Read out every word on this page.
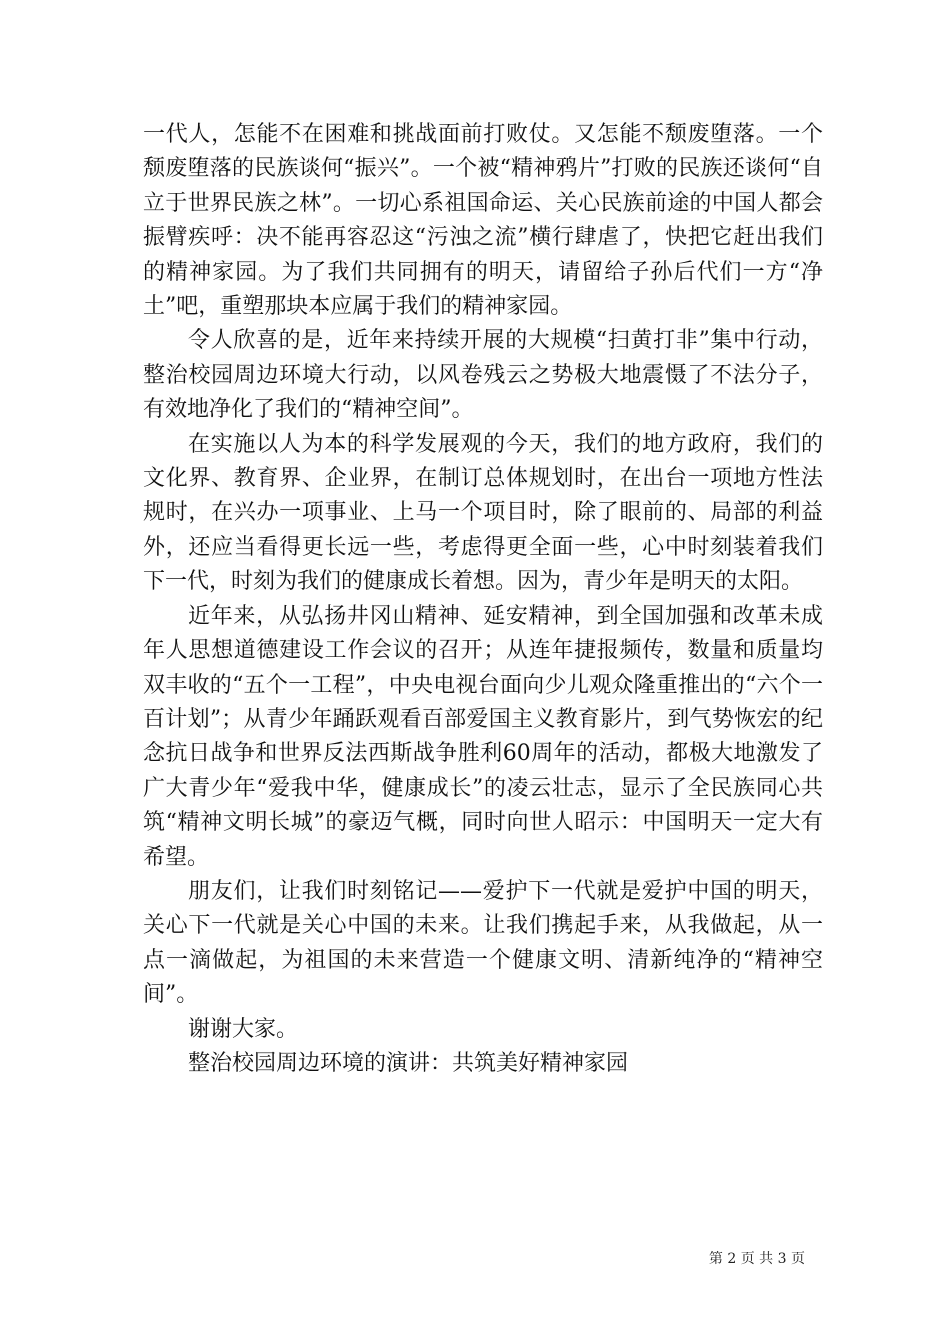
一代人，怎能不在困难和挑战面前打败仗。又怎能不颓废堕落。一个颓废堕落的民族谈何“振兴”。一个被“精神鸦片”打败的民族还谈何“自立于世界民族之林”。一切心系祖国命运、关心民族前途的中国人都会振臂疾呼：决不能再容忍这“污浊之流”横行肆虐了，快把它赶出我们的精神家园。为了我们共同拥有的明天，请留给子孙后代们一方“净土”吧，重塑那块本应属于我们的精神家园。

令人欣喜的是，近年来持续开展的大规模“扫黄打非”集中行动，整治校园周边环境大行动，以风卷残云之势极大地震慑了不法分子，有效地净化了我们的“精神空间”。

在实施以人为本的科学发展观的今天，我们的地方政府，我们的文化界、教育界、企业界，在制订总体规划时，在出台一项地方性法规时，在兴办一项事业、上马一个项目时，除了眼前的、局部的利益外，还应当看得更长远一些，考虑得更全面一些，心中时刻装着我们下一代，时刻为我们的健康成长着想。因为，青少年是明天的太阳。

近年来，从弘扬井冈山精神、延安精神，到全国加强和改革未成年人思想道德建设工作会议的召开；从连年捷报频传，数量和质量均双丰收的“五个一工程”，中央电视台面向少儿观众隆重推出的“六个一百计划”；从青少年踊跃观看百部爱国主义教育影片，到气势恢宏的纪念抗日战争和世界反法西斯战争胜利60周年的活动，都极大地激发了广大青少年“爱我中华，健康成长”的凌云壮志，显示了全民族同心共筑“精神文明长城”的豪迈气概，同时向世人昭示：中国明天一定大有希望。

朋友们，让我们时刻铭记——爱护下一代就是爱护中国的明天，关心下一代就是关心中国的未来。让我们携起手来，从我做起，从一点一滴做起，为祖国的未来营造一个健康文明、清新纯净的“精神空间”。

谢谢大家。

整治校园周边环境的演讲：共筑美好精神家园

第 2 页 共 3 页
